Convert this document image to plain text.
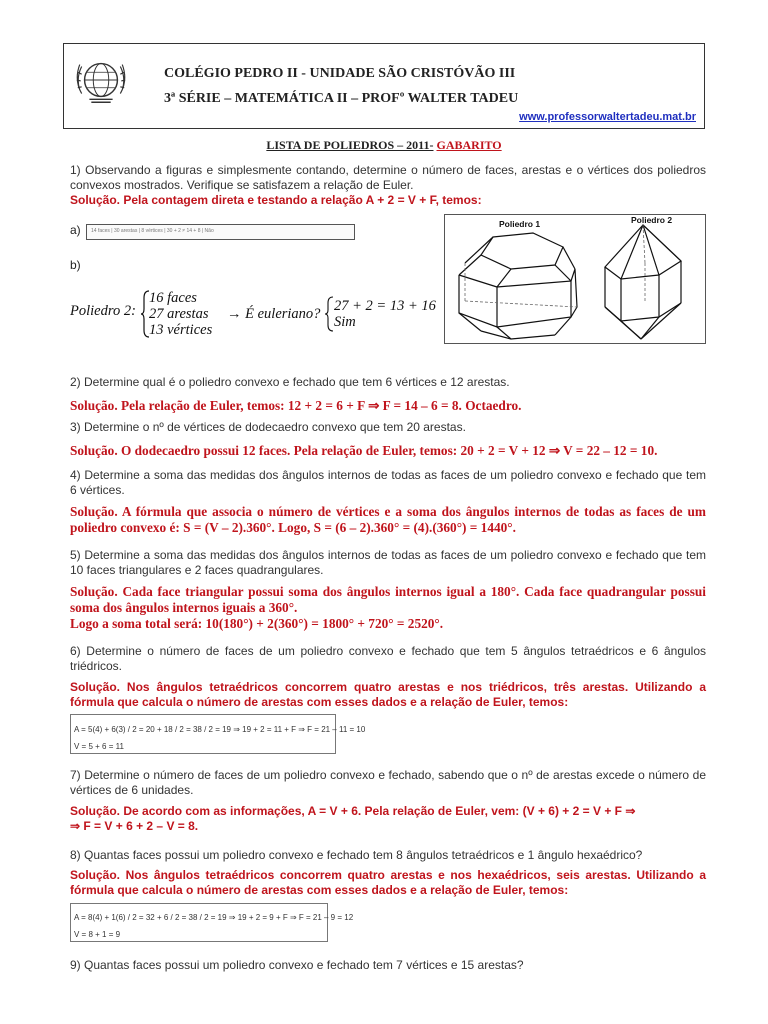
COLÉGIO PEDRO II - UNIDADE SÃO CRISTÓVÃO III
3ª SÉRIE – MATEMÁTICA II – PROFº WALTER TADEU
www.professorwaltertadeu.mat.br
LISTA DE POLIEDROS – 2011- GABARITO
1) Observando a figuras e simplesmente contando, determine o número de faces, arestas e o vértices dos poliedros convexos mostrados. Verifique se satisfazem a relação de Euler.
Solução. Pela contagem direta e testando a relação A + 2 = V + F, temos:
a)	14 faces | 30 arestas | 8 vértices | 30 + 2 ≠ 14 + 8 | Não
b)
Poliedro 2:
16 faces
27 arestas
13 vértices
→ É euleriano? 27 + 2 = 13 + 16
Sim
Poliedro 1	Poliedro 2
2) Determine qual é o poliedro convexo e fechado que tem 6 vértices e 12 arestas.
Solução. Pela relação de Euler, temos: 12 + 2 = 6 + F ⇒ F = 14 – 6 = 8. Octaedro.
3) Determine o nº de vértices de dodecaedro convexo que tem 20 arestas.
Solução. O dodecaedro possui 12 faces. Pela relação de Euler, temos: 20 + 2 = V + 12 ⇒ V = 22 – 12 = 10.
4) Determine a soma das medidas dos ângulos internos de todas as faces de um poliedro convexo e fechado que tem 6 vértices.
Solução. A fórmula que associa o número de vértices e a soma dos ângulos internos de todas as faces de um poliedro convexo é: S = (V – 2).360°. Logo, S = (6 – 2).360° = (4).(360°) = 1440°.
5) Determine a soma das medidas dos ângulos internos de todas as faces de um poliedro convexo e fechado que tem 10 faces triangulares e 2 faces quadrangulares.
Solução. Cada face triangular possui soma dos ângulos internos igual a 180°. Cada face quadrangular possui soma dos ângulos internos iguais a 360°.
Logo a soma total será: 10(180°) + 2(360°) = 1800° + 720° = 2520°.
6) Determine o número de faces de um poliedro convexo e fechado que tem 5 ângulos tetraédricos e 6 ângulos triédricos.
Solução. Nos ângulos tetraédricos concorrem quatro arestas e nos triédricos, três arestas. Utilizando a fórmula que calcula o número de arestas com esses dados e a relação de Euler, temos:
A = 5(4) + 6(3) / 2 = 20 + 18 / 2 = 38 / 2 = 19 ⇒ 19 + 2 = 11 + F ⇒ F = 21 – 11 = 10
V = 5 + 6 = 11
7) Determine o número de faces de um poliedro convexo e fechado, sabendo que o nº de arestas excede o número de vértices de 6 unidades.
Solução. De acordo com as informações, A = V + 6. Pela relação de Euler, vem: (V + 6) + 2 = V + F ⇒
⇒ F = V + 6 + 2 – V = 8.
8) Quantas faces possui um poliedro convexo e fechado tem 8 ângulos tetraédricos e 1 ângulo hexaédrico?
Solução. Nos ângulos tetraédricos concorrem quatro arestas e nos hexaédricos, seis arestas. Utilizando a fórmula que calcula o número de arestas com esses dados e a relação de Euler, temos:
A = 8(4) + 1(6) / 2 = 32 + 6 / 2 = 38 / 2 = 19 ⇒ 19 + 2 = 9 + F ⇒ F = 21 – 9 = 12
V = 8 + 1 = 9
9) Quantas faces possui um poliedro convexo e fechado tem 7 vértices e 15 arestas?
